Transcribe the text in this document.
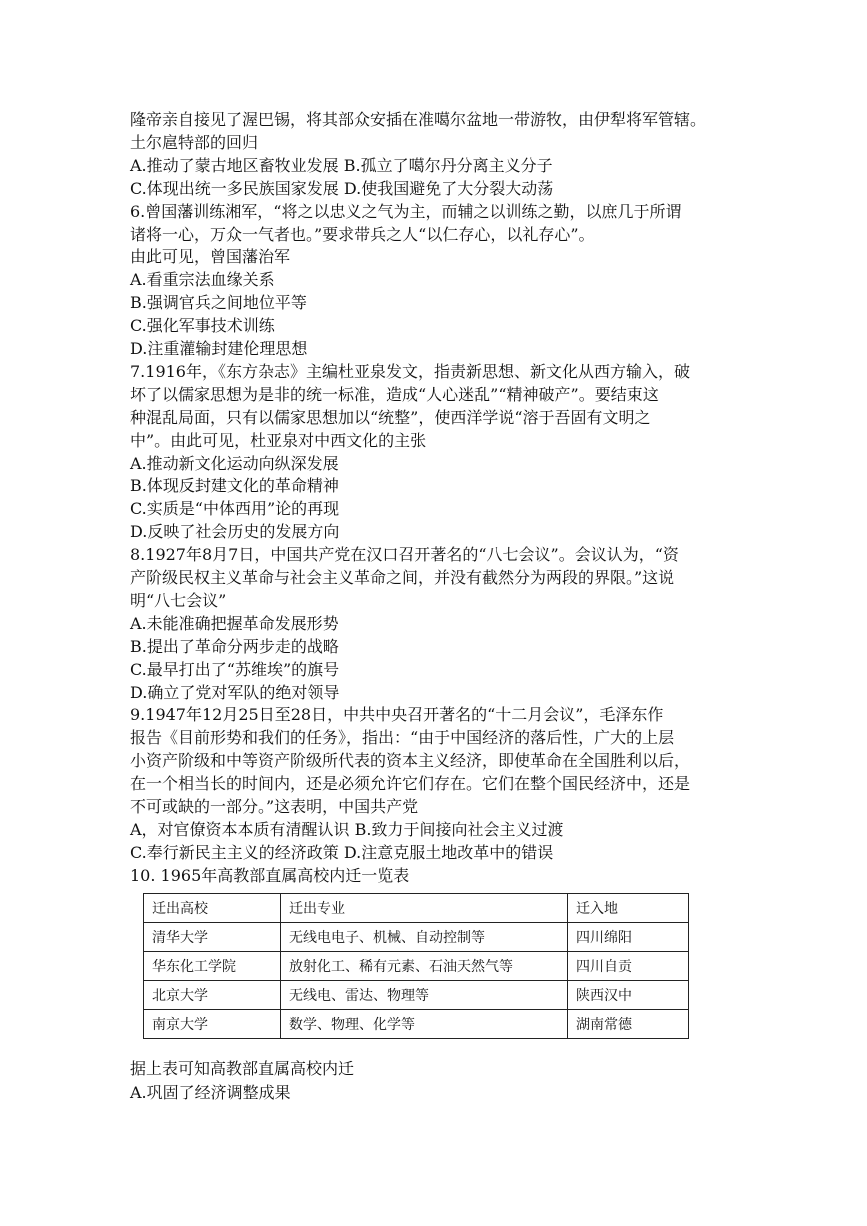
隆帝亲自接见了渥巴锡，将其部众安插在准噶尔盆地一带游牧，由伊犁将军管辖。
土尔扈特部的回归
A.推动了蒙古地区畜牧业发展 B.孤立了噶尔丹分离主义分子
C.体现出统一多民族国家发展 D.使我国避免了大分裂大动荡
6.曾国藩训练湘军，“将之以忠义之气为主，而辅之以训练之勤，以庶几于所谓
诸将一心，万众一气者也。”要求带兵之人“以仁存心，以礼存心”。
由此可见，曾国藩治军
A.看重宗法血缘关系
B.强调官兵之间地位平等
C.强化军事技术训练
D.注重灌输封建伦理思想
7.1916年，《东方杂志》主编杜亚泉发文，指责新思想、新文化从西方输入，破
坏了以儒家思想为是非的统一标准，造成“人心迷乱”“精神破产”。要结束这
种混乱局面，只有以儒家思想加以“统整”，使西洋学说“溶于吾固有文明之
中”。由此可见，杜亚泉对中西文化的主张
A.推动新文化运动向纵深发展
B.体现反封建文化的革命精神
C.实质是“中体西用”论的再现
D.反映了社会历史的发展方向
8.1927年8月7日，中国共产党在汉口召开著名的“八七会议”。会议认为，“资
产阶级民权主义革命与社会主义革命之间，并没有截然分为两段的界限。”这说
明“八七会议”
A.未能准确把握革命发展形势
B.提出了革命分两步走的战略
C.最早打出了“苏维埃”的旗号
D.确立了党对军队的绝对领导
9.1947年12月25日至28日，中共中央召开著名的“十二月会议”，毛泽东作
报告《目前形势和我们的任务》，指出：“由于中国经济的落后性，广大的上层
小资产阶级和中等资产阶级所代表的资本主义经济，即使革命在全国胜利以后，
在一个相当长的时间内，还是必须允许它们存在。它们在整个国民经济中，还是
不可或缺的一部分。”这表明，中国共产党
A，对官僚资本本质有清醒认识 B.致力于间接向社会主义过渡
C.奉行新民主主义的经济政策 D.注意克服土地改革中的错误
10. 1965年高教部直属高校内迁一览表
迁出高校	迁出专业	迁入地
清华大学	无线电电子、机械、自动控制等	四川绵阳
华东化工学院	放射化工、稀有元素、石油天然气等	四川自贡
北京大学	无线电、雷达、物理等	陕西汉中
南京大学	数学、物理、化学等	湖南常德
据上表可知高教部直属高校内迁
A.巩固了经济调整成果
